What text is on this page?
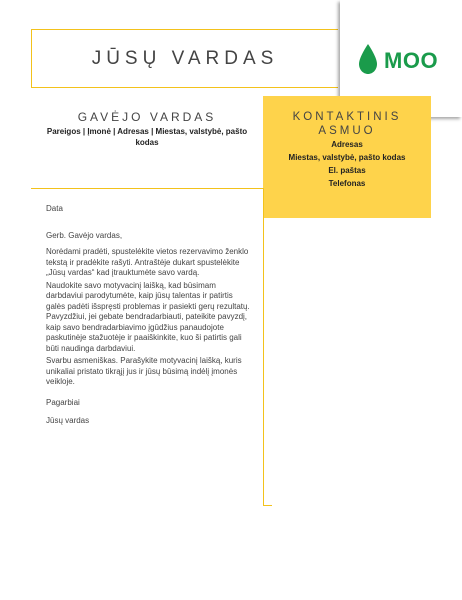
JŪSŲ VARDAS	MOO
KONTAKTINIS
ASMUO
Adresas
Miestas, valstybė, pašto kodas
El. paštas
Telefonas
GAVĖJO VARDAS
Pareigos | Įmonė | Adresas | Miestas, valstybė, pašto kodas

Data

Gerb. Gavėjo vardas,

Norėdami pradėti, spustelėkite vietos rezervavimo ženklo tekstą ir pradėkite rašyti. Antraštėje dukart spustelėkite „Jūsų vardas“ kad įtrauktumėte savo vardą.

Naudokite savo motyvacinį laišką, kad būsimam darbdaviui parodytumėte, kaip jūsų talentas ir patirtis galės padėti išspręsti problemas ir pasiekti gerų rezultatų. Pavyzdžiui, jei gebate bendradarbiauti, pateikite pavyzdį, kaip savo bendradarbiavimo įgūdžius panaudojote paskutinėje stažuotėje ir paaiškinkite, kuo ši patirtis gali būti naudinga darbdaviui.

Svarbu asmeniškas. Parašykite motyvacinį laišką, kuris unikaliai pristato tikrąjį jus ir jūsų būsimą indėlį įmonės veikloje.

Pagarbiai

Jūsų vardas
